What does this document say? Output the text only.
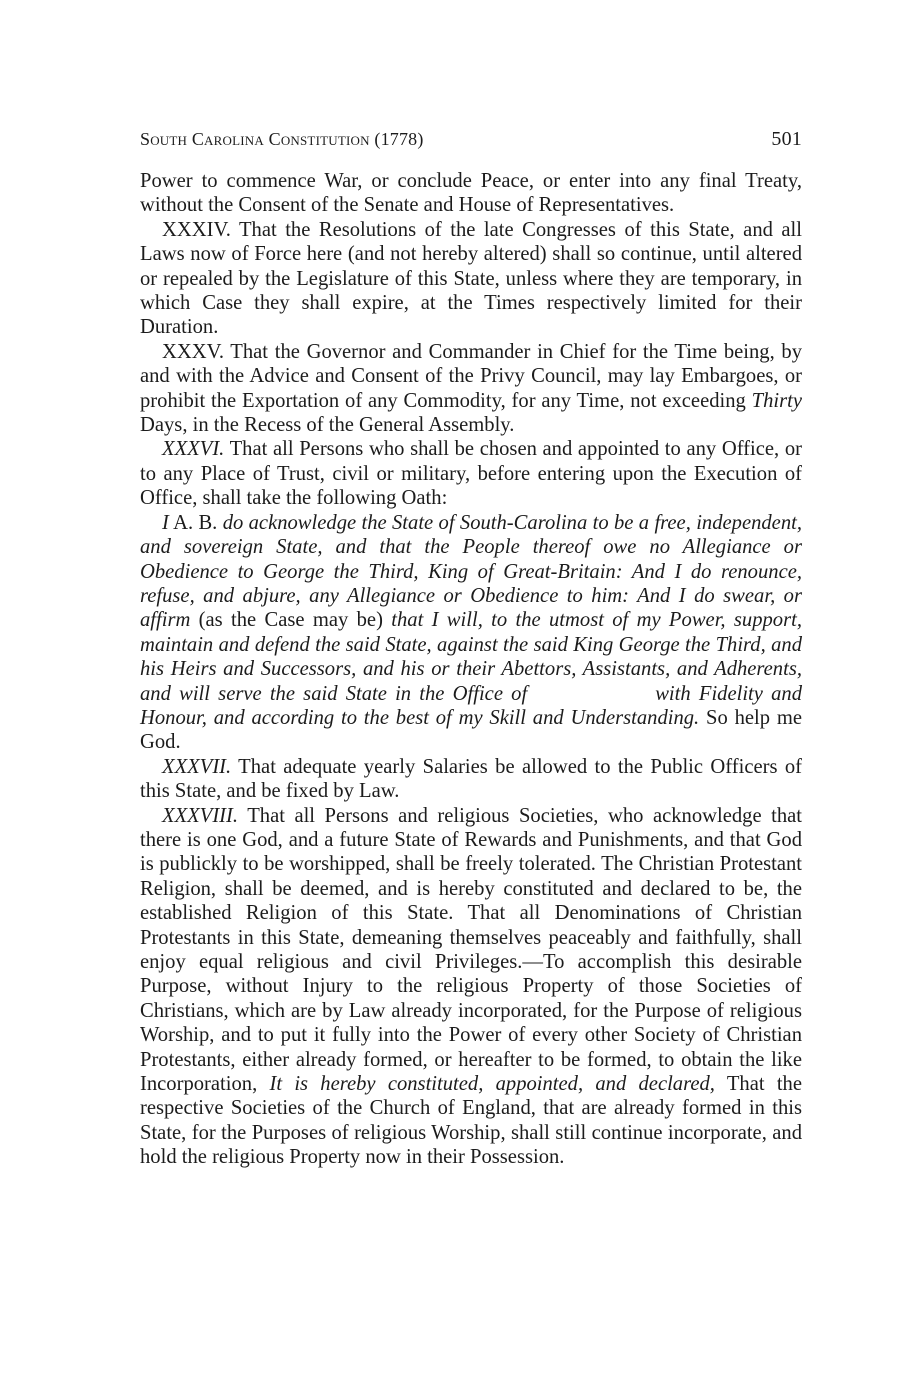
South Carolina Constitution (1778)	501

Power to commence War, or conclude Peace, or enter into any final Treaty, without the Consent of the Senate and House of Representatives.

XXXIV. That the Resolutions of the late Congresses of this State, and all Laws now of Force here (and not hereby altered) shall so continue, until altered or repealed by the Legislature of this State, unless where they are temporary, in which Case they shall expire, at the Times respectively limited for their Duration.

XXXV. That the Governor and Commander in Chief for the Time being, by and with the Advice and Consent of the Privy Council, may lay Embargoes, or prohibit the Exportation of any Commodity, for any Time, not exceeding Thirty Days, in the Recess of the General Assembly.

XXXVI. That all Persons who shall be chosen and appointed to any Office, or to any Place of Trust, civil or military, before entering upon the Execution of Office, shall take the following Oath:

I A. B. do acknowledge the State of South-Carolina to be a free, independent, and sovereign State, and that the People thereof owe no Allegiance or Obedience to George the Third, King of Great-Britain: And I do renounce, refuse, and abjure, any Allegiance or Obedience to him: And I do swear, or affirm (as the Case may be) that I will, to the utmost of my Power, support, maintain and defend the said State, against the said King George the Third, and his Heirs and Successors, and his or their Abettors, Assistants, and Adherents, and will serve the said State in the Office of	with Fidelity and Honour, and according to the best of my Skill and Understanding. So help me God.

XXXVII. That adequate yearly Salaries be allowed to the Public Officers of this State, and be fixed by Law.

XXXVIII. That all Persons and religious Societies, who acknowledge that there is one God, and a future State of Rewards and Punishments, and that God is publickly to be worshipped, shall be freely tolerated. The Christian Protestant Religion, shall be deemed, and is hereby constituted and declared to be, the established Religion of this State. That all Denominations of Christian Protestants in this State, demeaning themselves peaceably and faithfully, shall enjoy equal religious and civil Privileges.—To accomplish this desirable Purpose, without Injury to the religious Property of those Societies of Christians, which are by Law already incorporated, for the Purpose of religious Worship, and to put it fully into the Power of every other Society of Christian Protestants, either already formed, or hereafter to be formed, to obtain the like Incorporation, It is hereby constituted, appointed, and declared, That the respective Societies of the Church of England, that are already formed in this State, for the Purposes of religious Worship, shall still continue incorporate, and hold the religious Property now in their Possession.
